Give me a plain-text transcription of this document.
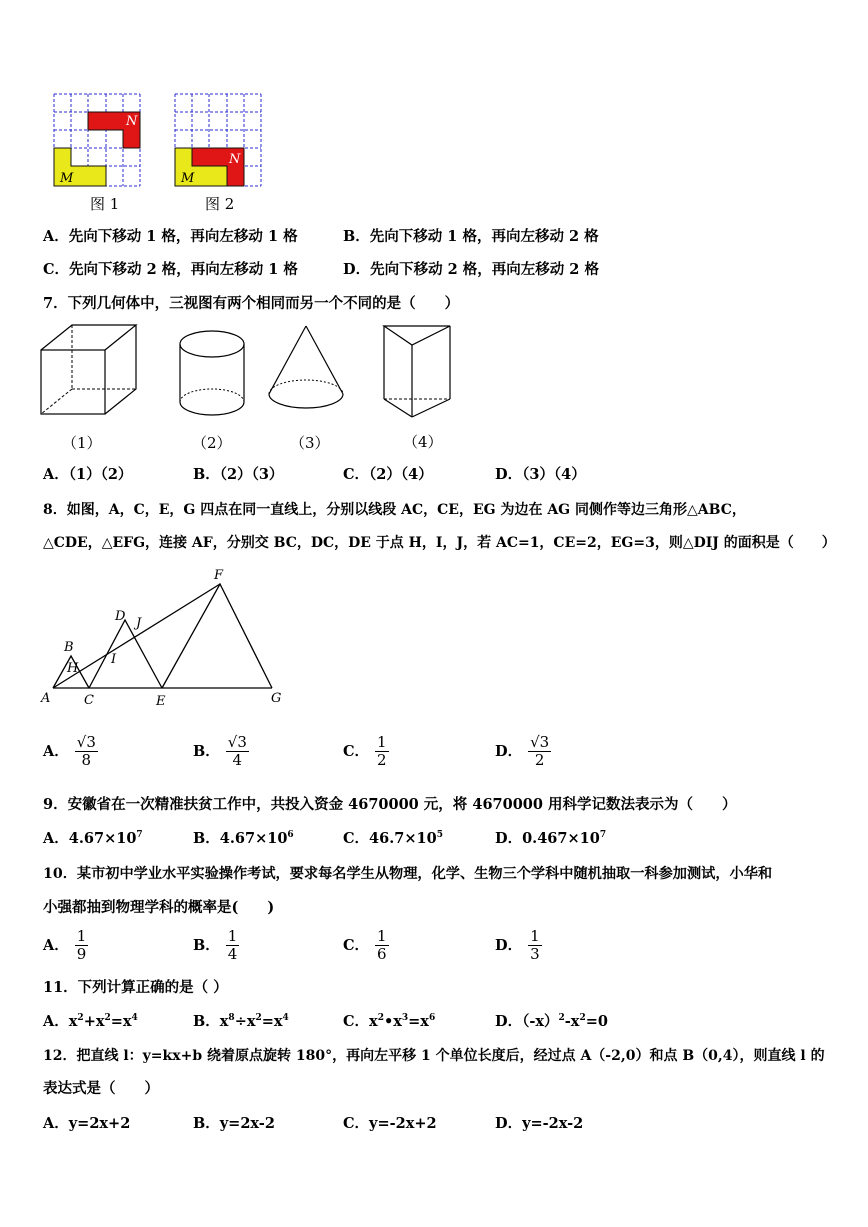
N
M
图 1
N
M
图 2
A．先向下移动 1 格，再向左移动 1 格	B．先向下移动 1 格，再向左移动 2 格
C．先向下移动 2 格，再向左移动 1 格	D．先向下移动 2 格，再向左移动 2 格
7．下列几何体中，三视图有两个相同而另一个不同的是（　　）
（1）	（2）	（3）	（4）
A．（1）（2）	B．（2）（3）	C．（2）（4）	D．（3）（4）
8．如图，A，C，E，G 四点在同一直线上，分别以线段 AC，CE，EG 为边在 AG 同侧作等边三角形△ABC，
△CDE，△EFG，连接 AF，分别交 BC，DC，DE 于点 H，I，J，若 AC=1，CE=2，EG=3，则△DIJ 的面积是（　　）
F
D J
B
I
H
A	C	E	G
A． $\frac{√3}{8}$	B． $\frac{√3}{4}$	C． $\frac{1}{2}$	D． $\frac{√3}{2}$
9．安徽省在一次精准扶贫工作中，共投入资金 4670000 元，将 4670000 用科学记数法表示为（　　）
A．$4.67\times 10^7$	B．$4.67\times 10^6$	C．$46.7\times 10^5$	D．$0.467\times 10^7$
10．某市初中学业水平实验操作考试，要求每名学生从物理，化学、生物三个学科中随机抽取一科参加测试，小华和
小强都抽到物理学科的概率是(　　)
A． $\frac{1}{9}$	B． $\frac{1}{4}$	C． $\frac{1}{6}$	D． $\frac{1}{3}$
11．下列计算正确的是（ ）
A．$x^2+x^2=x^4$	B．$x^8\div x^2=x^4$	C．$x^2•x^3=x^6$	D．$(-x)^2-x^2=0$
12．把直线 l：y=kx+b 绕着原点旋转 180°，再向左平移 1 个单位长度后，经过点 A（-2,0）和点 B（0,4），则直线 l 的
表达式是（　　）
A．y=2x+2	B．y=2x-2	C．y=-2x+2	D．y=-2x-2
